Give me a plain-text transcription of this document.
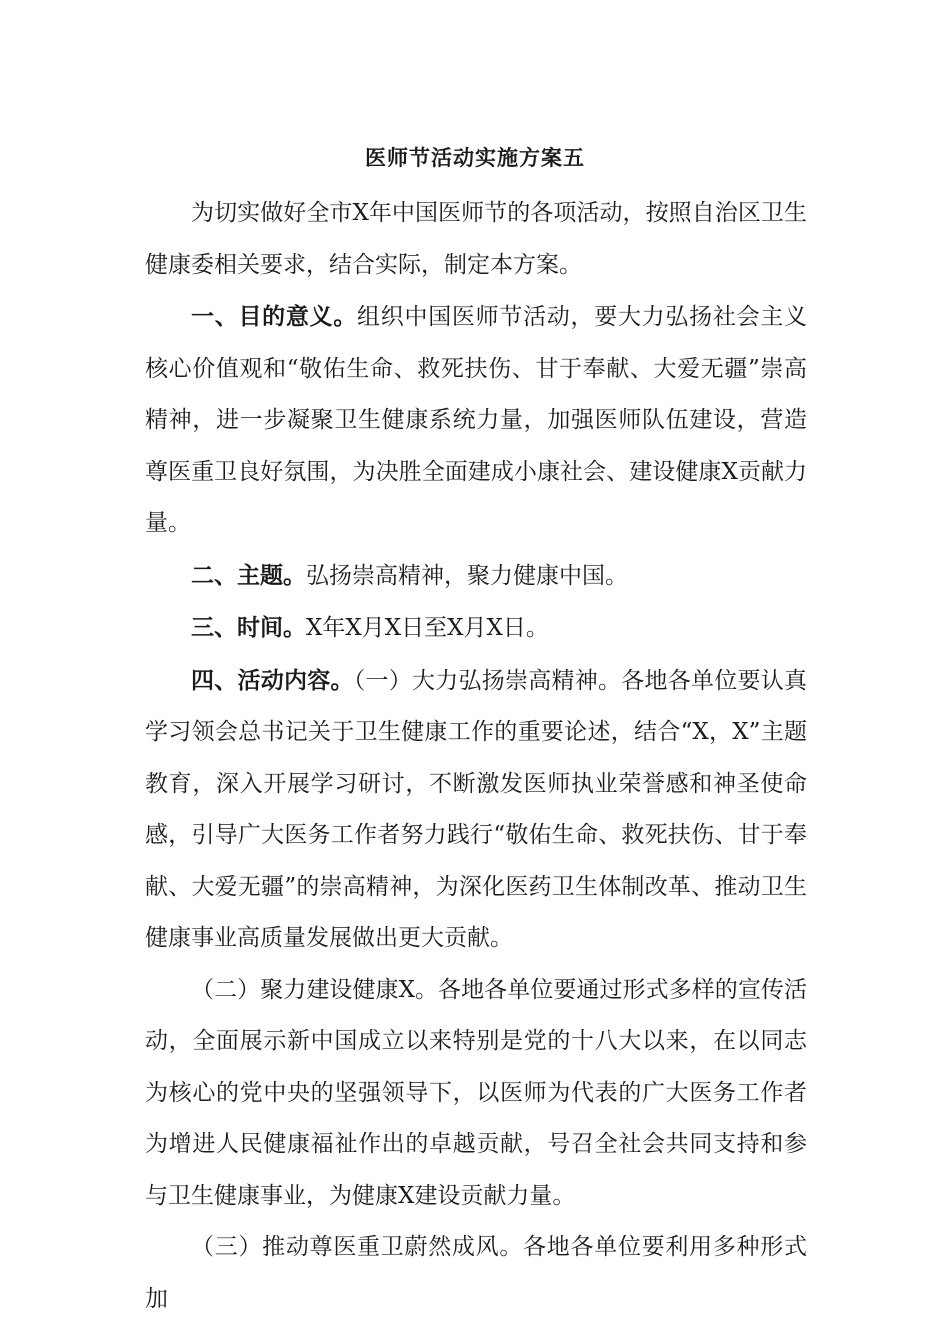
医师节活动实施方案五

为切实做好全市X年中国医师节的各项活动，按照自治区卫生健康委相关要求，结合实际，制定本方案。

一、目的意义。组织中国医师节活动，要大力弘扬社会主义核心价值观和“敬佑生命、救死扶伤、甘于奉献、大爱无疆”崇高精神，进一步凝聚卫生健康系统力量，加强医师队伍建设，营造尊医重卫良好氛围，为决胜全面建成小康社会、建设健康X贡献力量。

二、主题。弘扬崇高精神，聚力健康中国。

三、时间。X年X月X日至X月X日。

四、活动内容。（一）大力弘扬崇高精神。各地各单位要认真学习领会总书记关于卫生健康工作的重要论述，结合“X，X”主题教育，深入开展学习研讨，不断激发医师执业荣誉感和神圣使命感，引导广大医务工作者努力践行“敬佑生命、救死扶伤、甘于奉献、大爱无疆”的崇高精神，为深化医药卫生体制改革、推动卫生健康事业高质量发展做出更大贡献。

（二）聚力建设健康X。各地各单位要通过形式多样的宣传活动，全面展示新中国成立以来特别是党的十八大以来，在以同志为核心的党中央的坚强领导下，以医师为代表的广大医务工作者为增进人民健康福祉作出的卓越贡献，号召全社会共同支持和参与卫生健康事业，为健康X建设贡献力量。

（三）推动尊医重卫蔚然成风。各地各单位要利用多种形式加
